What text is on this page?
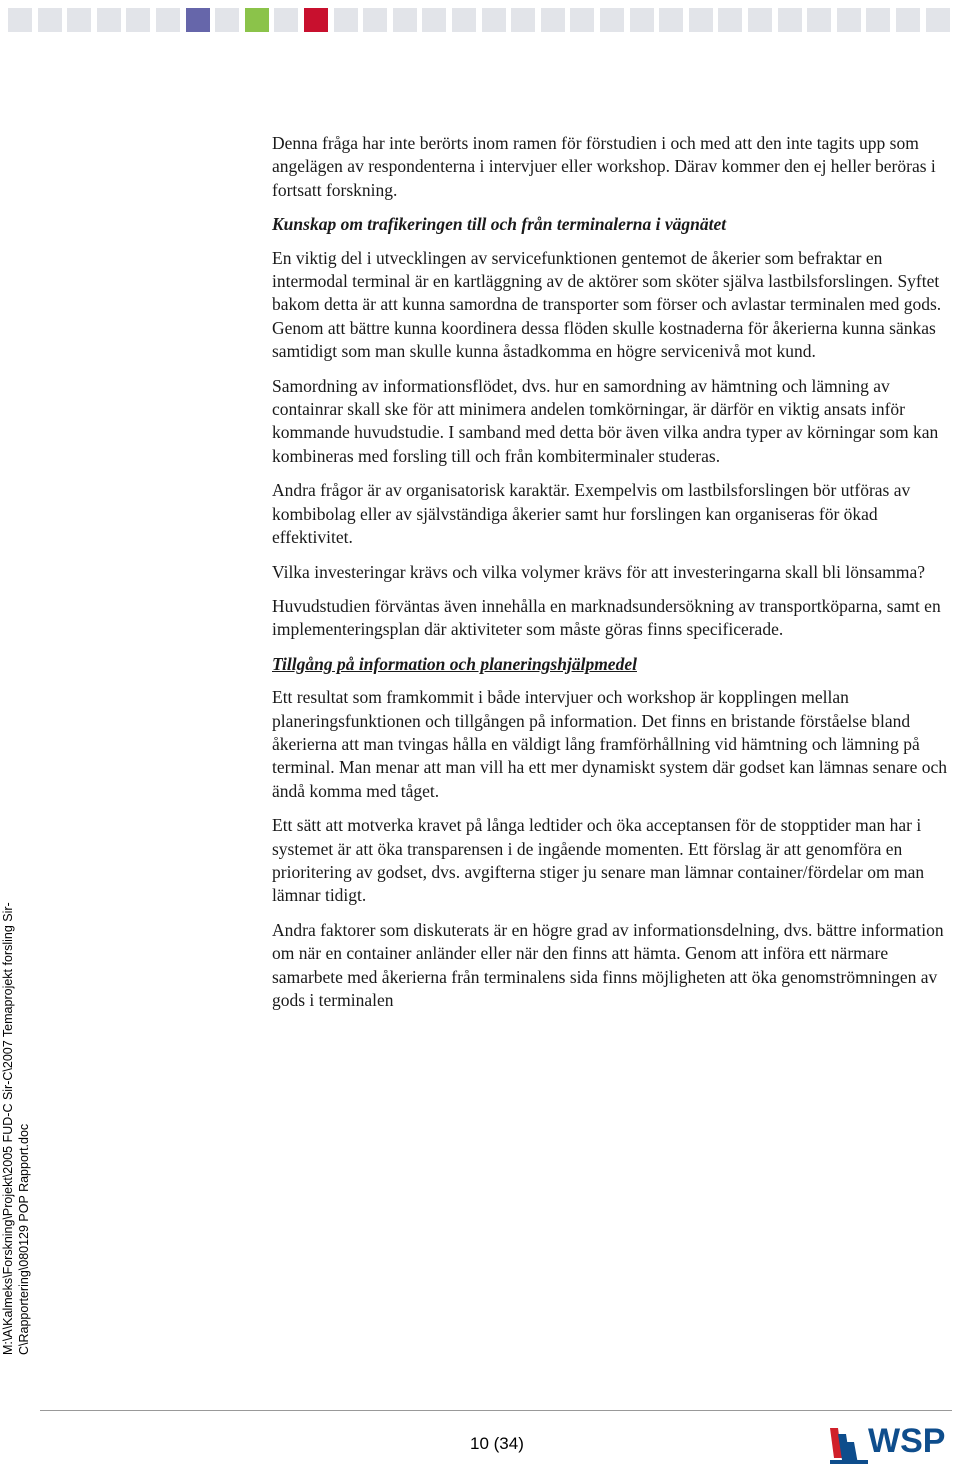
Denna fråga har inte berörts inom ramen för förstudien i och med att den inte tagits upp som angelägen av respondenterna i intervjuer eller workshop. Därav kommer den ej heller beröras i fortsatt forskning.

Kunskap om trafikeringen till och från terminalerna i vägnätet

En viktig del i utvecklingen av servicefunktionen gentemot de åkerier som befraktar en intermodal terminal är en kartläggning av de aktörer som sköter själva lastbilsforslingen. Syftet bakom detta är att kunna samordna de transporter som förser och avlastar terminalen med gods. Genom att bättre kunna koordinera dessa flöden skulle kostnaderna för åkerierna kunna sänkas samtidigt som man skulle kunna åstadkomma en högre servicenivå mot kund.

Samordning av informationsflödet, dvs. hur en samordning av hämtning och lämning av containrar skall ske för att minimera andelen tomkörningar, är därför en viktig ansats inför kommande huvudstudie. I samband med detta bör även vilka andra typer av körningar som kan kombineras med forsling till och från kombiterminaler studeras.

Andra frågor är av organisatorisk karaktär. Exempelvis om lastbilsforslingen bör utföras av kombibolag eller av självständiga åkerier samt hur forslingen kan organiseras för ökad effektivitet.

Vilka investeringar krävs och vilka volymer krävs för att investeringarna skall bli lönsamma?

Huvudstudien förväntas även innehålla en marknadsundersökning av transportköparna, samt en implementeringsplan där aktiviteter som måste göras finns specificerade.

Tillgång på information och planeringshjälpmedel

Ett resultat som framkommit i både intervjuer och workshop är kopplingen mellan planeringsfunktionen och tillgången på information. Det finns en bristande förståelse bland åkerierna att man tvingas hålla en väldigt lång framförhållning vid hämtning och lämning på terminal. Man menar att man vill ha ett mer dynamiskt system där godset kan lämnas senare och ändå komma med tåget.

Ett sätt att motverka kravet på långa ledtider och öka acceptansen för de stopptider man har i systemet är att öka transparensen i de ingående momenten. Ett förslag är att genomföra en prioritering av godset, dvs. avgifterna stiger ju senare man lämnar container/fördelar om man lämnar tidigt.

Andra faktorer som diskuterats är en högre grad av informationsdelning, dvs. bättre information om när en container anländer eller när den finns att hämta. Genom att införa ett närmare samarbete med åkerierna från terminalens sida finns möjligheten att öka genomströmningen av gods i terminalen

M:\A\Kalmeks\Forskning\Projekt\2005 FUD-C Sir-C\2007 Temaprojekt forsling Sir- C\Rapportering\080129 POP Rapport.doc
10 (34)	WSP
